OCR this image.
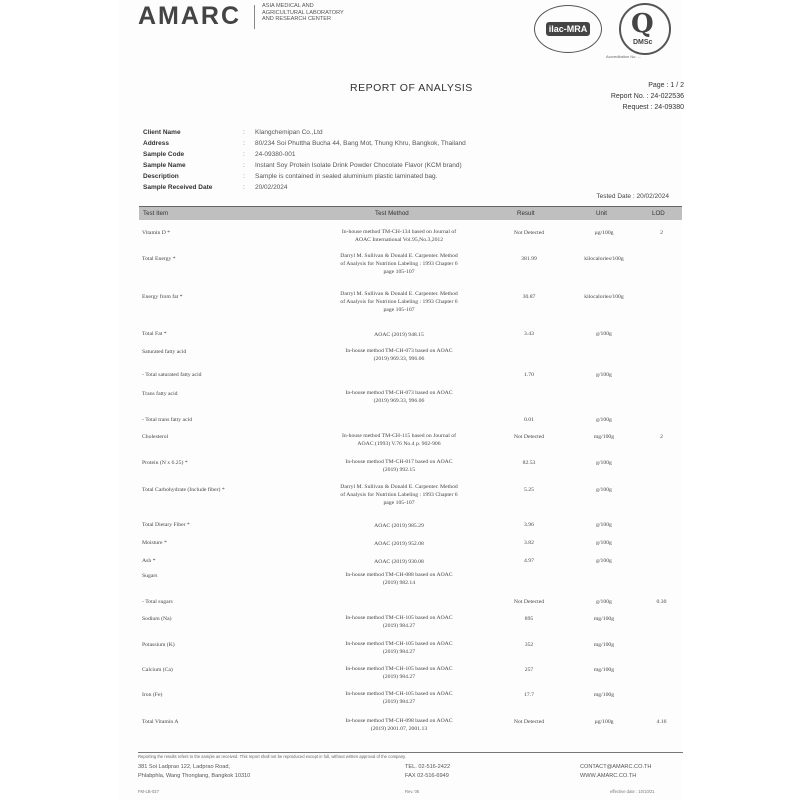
AMARC	ASIA MEDICAL AND
AGRICULTURAL LABORATORY
AND RESEARCH CENTER
ilac-MRA Q
DMSc
Accreditation No. ...
REPORT OF ANALYSIS	Page : 1 / 2
Report No. : 24-022536
Request : 24-09380
Client Name	:	Klangchemipan Co.,Ltd
Address	:	80/234 Soi Phuttha Bucha 44, Bang Mot, Thung Khru, Bangkok, Thailand
Sample Code	:	24-09380-001
Sample Name	:	Instant Soy Protein Isolate Drink Powder Chocolate Flavor (KCM brand)
Description	:	Sample is contained in sealed aluminium plastic laminated bag.
Sample Received Date	:	20/02/2024
Tested Date : 20/02/2024
Test Item	Test Method	Result	Unit	LOD
Vitamin D *	In-house method TM-CH-134 based on Journal of
AOAC International Vol.95,No.3,2012
Not Detected	µg/100g	2
Total Energy *	Darryl M. Sullivan & Donald E. Carpenter. Method
of Analysis for Nutrition Labeling : 1993 Chapter 6
page 105-107
381.99	kilocalories/100g
Energy from fat *	Darryl M. Sullivan & Donald E. Carpenter. Method
of Analysis for Nutrition Labeling : 1993 Chapter 6
page 105-107
30.87	kilocalories/100g
Total Fat *	AOAC (2019) 948.15	3.43	g/100g
Saturated fatty acid	In-house method TM-CH-073 based on AOAC
(2019) 969.33, 996.06
- Total saturated fatty acid	1.70	g/100g
Trans fatty acid	In-house method TM-CH-073 based on AOAC
(2019) 969.33, 996.06
- Total trans fatty acid	0.01	g/100g
Cholesterol	In-house method TM-CH-115 based on Journal of
AOAC (1993) V.76 No.4 p. 902-906
Not Detected	mg/100g	2
Protein (N x 6.25) *	In-house method TM-CH-017 based on AOAC
(2019) 992.15
82.53	g/100g
Total Carbohydrate (Include fiber) *	Darryl M. Sullivan & Donald E. Carpenter. Method
of Analysis for Nutrition Labeling : 1993 Chapter 6
page 105-107
5.25	g/100g
Total Dietary Fiber *	AOAC (2019) 985.29	3.96	g/100g
Moisture *	AOAC (2019) 952.08	3.82	g/100g
Ash *	AOAC (2019) 930.08	4.97	g/100g
Sugars	In-house method TM-CH-088 based on AOAC
(2019) 982.14
- Total sugars	Not Detected	g/100g	0.30
Sodium (Na)	In-house method TM-CH-105 based on AOAC
(2019) 984.27
895	mg/100g
Potassium (K)	In-house method TM-CH-105 based on AOAC
(2019) 984.27
352	mg/100g
Calcium (Ca)	In-house method TM-CH-105 based on AOAC
(2019) 984.27
257	mg/100g
Iron (Fe)	In-house method TM-CH-105 based on AOAC
(2019) 984.27
17.7	mg/100g
Total Vitamin A	In-house method TM-CH-098 based on AOAC
(2019) 2001.07, 2001.13
Not Detected	µg/100g	4.16
Reporting the results refers to the sample as received. This report shall not be reproduced except in full, without written approval of the company.
381 Soi Ladprao 122, Ladprao Road,
Phlabphla, Wang Thonglang, Bangkok 10310
TEL. 02-516-2422
FAX 02-516-6949
CONTACT@AMARC.CO.TH
WWW.AMARC.CO.TH
FM-LB-027	Rev. 06	effective date : 10/10/21
